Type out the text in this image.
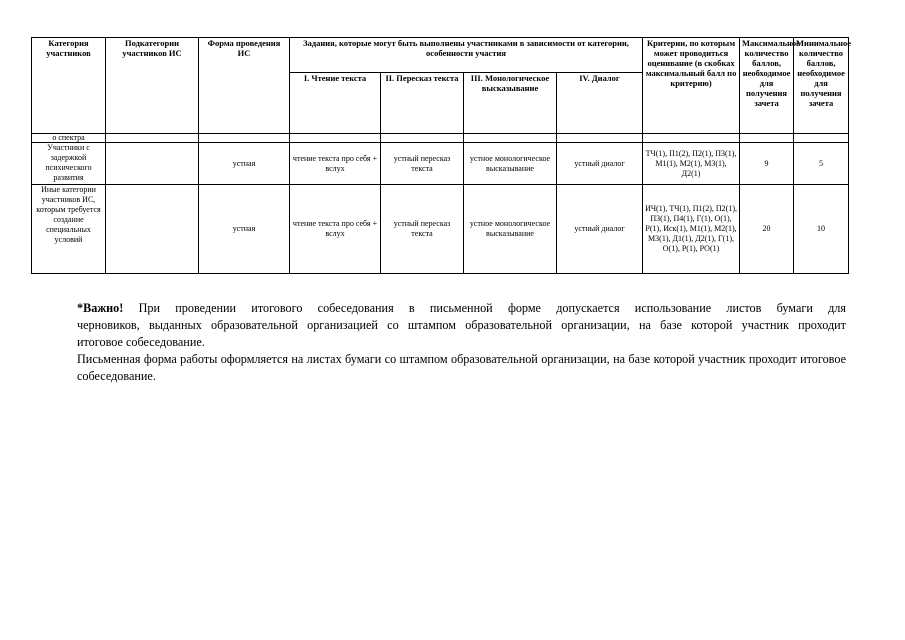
Категория участников	Подкатегории участников ИС	Форма проведения ИС	Задания, которые могут быть выполнены участниками в зависимости от категории, особенности участия				Критерии, по которым может проводиться оценивание (в скобках максимальный балл по критерию)	Максимальное количество баллов, необходимое для получения зачета	Минимальное количество баллов, необходимое для получения зачета
			I. Чтение текста	II. Пересказ текста	III. Монологическое высказывание	IV. Диалог			
о спектра									
Участники с задержкой психического развития		устная	чтение текста про себя + вслух	устный пересказ текста	устное монологическое высказывание	устный диалог	ТЧ(1), П1(2), П2(1), П3(1), М1(1), М2(1), М3(1), Д2(1)	9	5
Иные категории участников ИС, которым требуется создание специальных условий		устная	чтение текста про себя + вслух	устный пересказ текста	устное монологическое высказывание	устный диалог	ИЧ(1), ТЧ(1), П1(2), П2(1), П3(1), П4(1), Г(1), О(1), Р(1), Иск(1), М1(1), М2(1), М3(1), Д1(1), Д2(1), Г(1), О(1), Р(1), РО(1)	20	10
*Важно! При проведении итогового собеседования в письменной форме допускается использование листов бумаги для

черновиков, выданных образовательной организацией со штампом образовательной организации, на базе которой участник проходит

итоговое собеседование.

Письменная форма работы оформляется на листах бумаги со штампом образовательной организации, на базе которой участник проходит итоговое собеседование.
